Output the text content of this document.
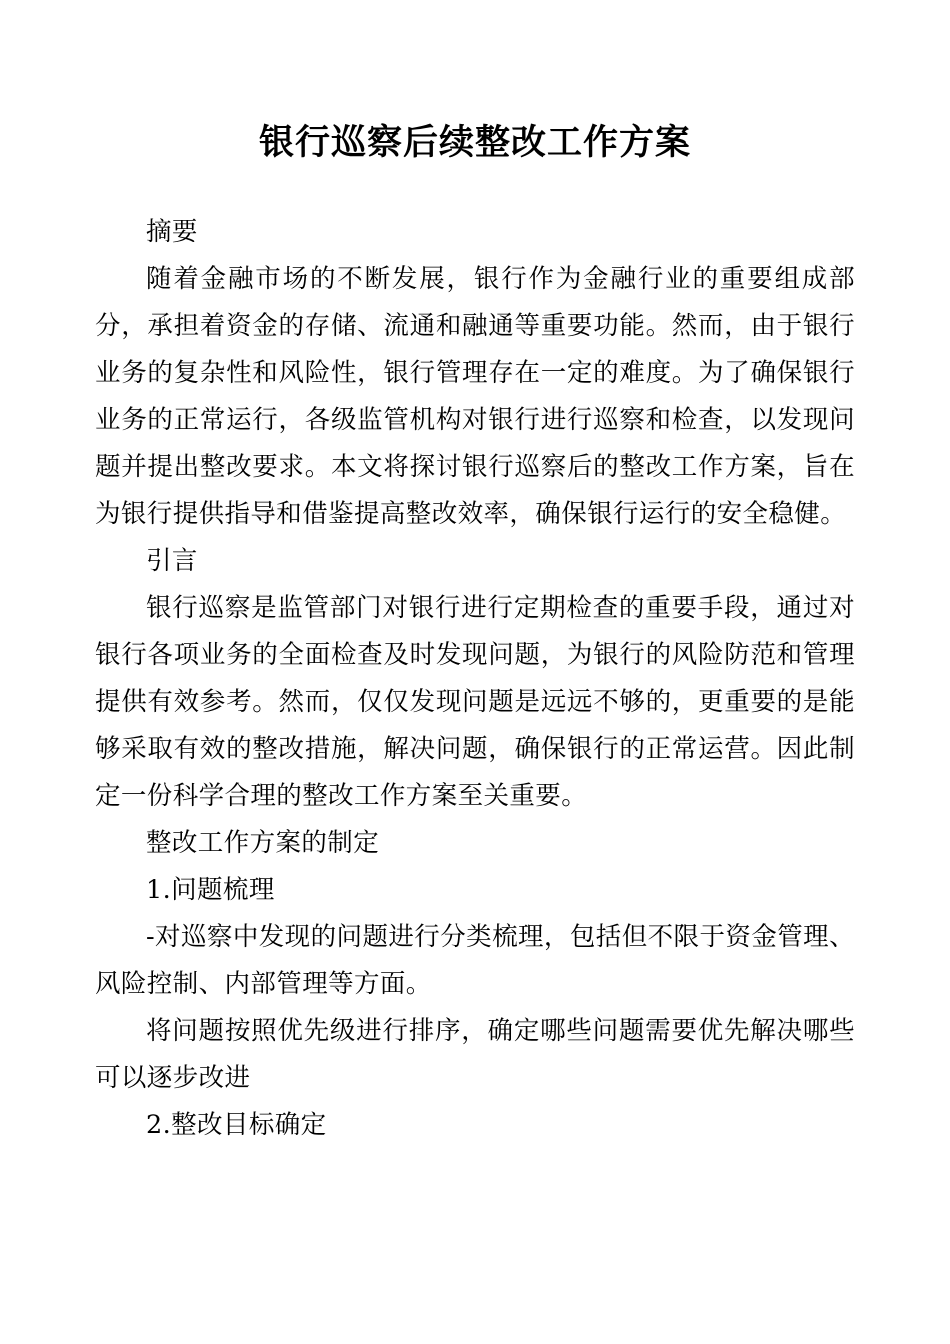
银行巡察后续整改工作方案

摘要

随着金融市场的不断发展，银行作为金融行业的重要组成部分，承担着资金的存储、流通和融通等重要功能。然而，由于银行业务的复杂性和风险性，银行管理存在一定的难度。为了确保银行业务的正常运行，各级监管机构对银行进行巡察和检查，以发现问题并提出整改要求。本文将探讨银行巡察后的整改工作方案，旨在为银行提供指导和借鉴提高整改效率，确保银行运行的安全稳健。

引言

银行巡察是监管部门对银行进行定期检查的重要手段，通过对银行各项业务的全面检查及时发现问题，为银行的风险防范和管理提供有效参考。然而，仅仅发现问题是远远不够的，更重要的是能够采取有效的整改措施，解决问题，确保银行的正常运营。因此制定一份科学合理的整改工作方案至关重要。

整改工作方案的制定

1.问题梳理

-对巡察中发现的问题进行分类梳理，包括但不限于资金管理、风险控制、内部管理等方面。

将问题按照优先级进行排序，确定哪些问题需要优先解决哪些可以逐步改进

2.整改目标确定
